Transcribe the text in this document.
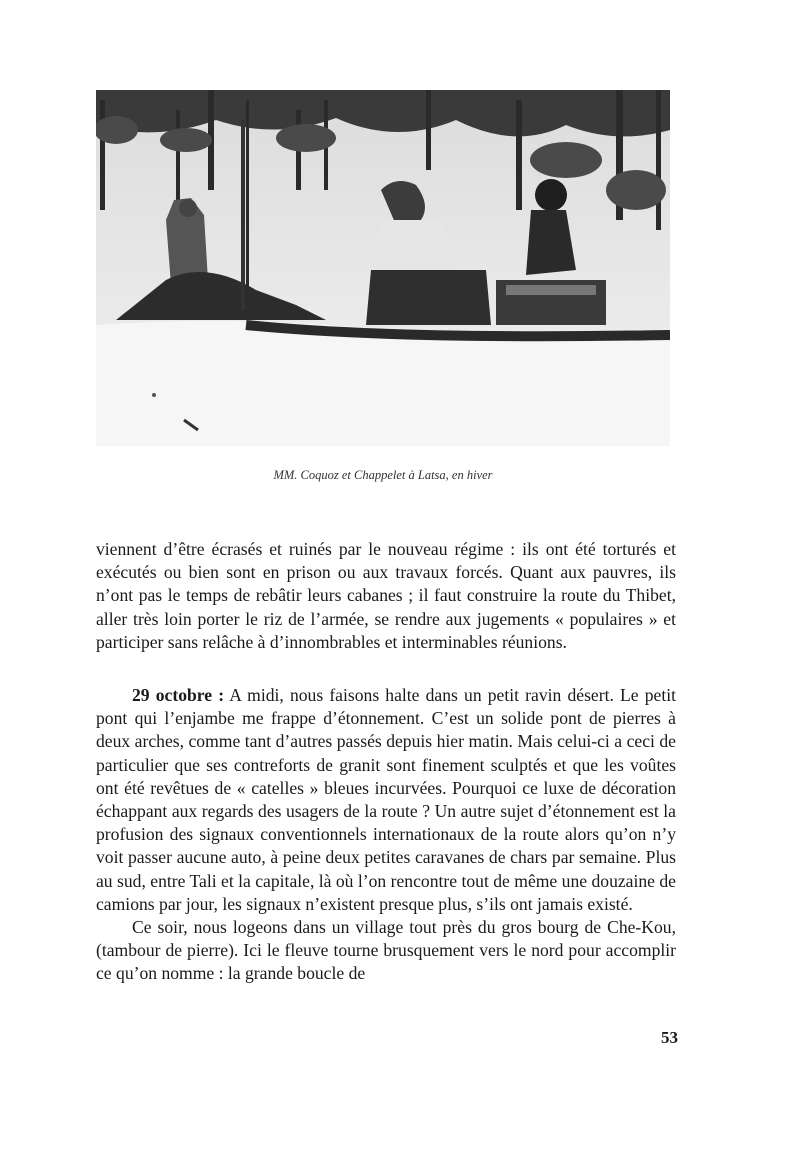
MM. Coquoz et Chappelet à Latsa, en hiver

viennent d’être écrasés et ruinés par le nouveau régime : ils ont été torturés et exécutés ou bien sont en prison ou aux travaux forcés. Quant aux pauvres, ils n’ont pas le temps de rebâtir leurs cabanes ; il faut construire la route du Thibet, aller très loin porter le riz de l’armée, se rendre aux jugements « populaires » et participer sans relâche à d’innombrables et interminables réunions.

29 octobre : A midi, nous faisons halte dans un petit ravin désert. Le petit pont qui l’enjambe me frappe d’étonnement. C’est un solide pont de pierres à deux arches, comme tant d’autres passés depuis hier matin. Mais celui-ci a ceci de particulier que ses contreforts de granit sont finement sculptés et que les voûtes ont été revêtues de « catelles » bleues incurvées. Pourquoi ce luxe de décoration échappant aux regards des usagers de la route ? Un autre sujet d’étonnement est la profusion des signaux conventionnels internationaux de la route alors qu’on n’y voit passer aucune auto, à peine deux petites caravanes de chars par semaine. Plus au sud, entre Tali et la capitale, là où l’on rencontre tout de même une douzaine de camions par jour, les signaux n’existent presque plus, s’ils ont jamais existé.

Ce soir, nous logeons dans un village tout près du gros bourg de Che-Kou, (tambour de pierre). Ici le fleuve tourne brusquement vers le nord pour accomplir ce qu’on nomme : la grande boucle de

53
